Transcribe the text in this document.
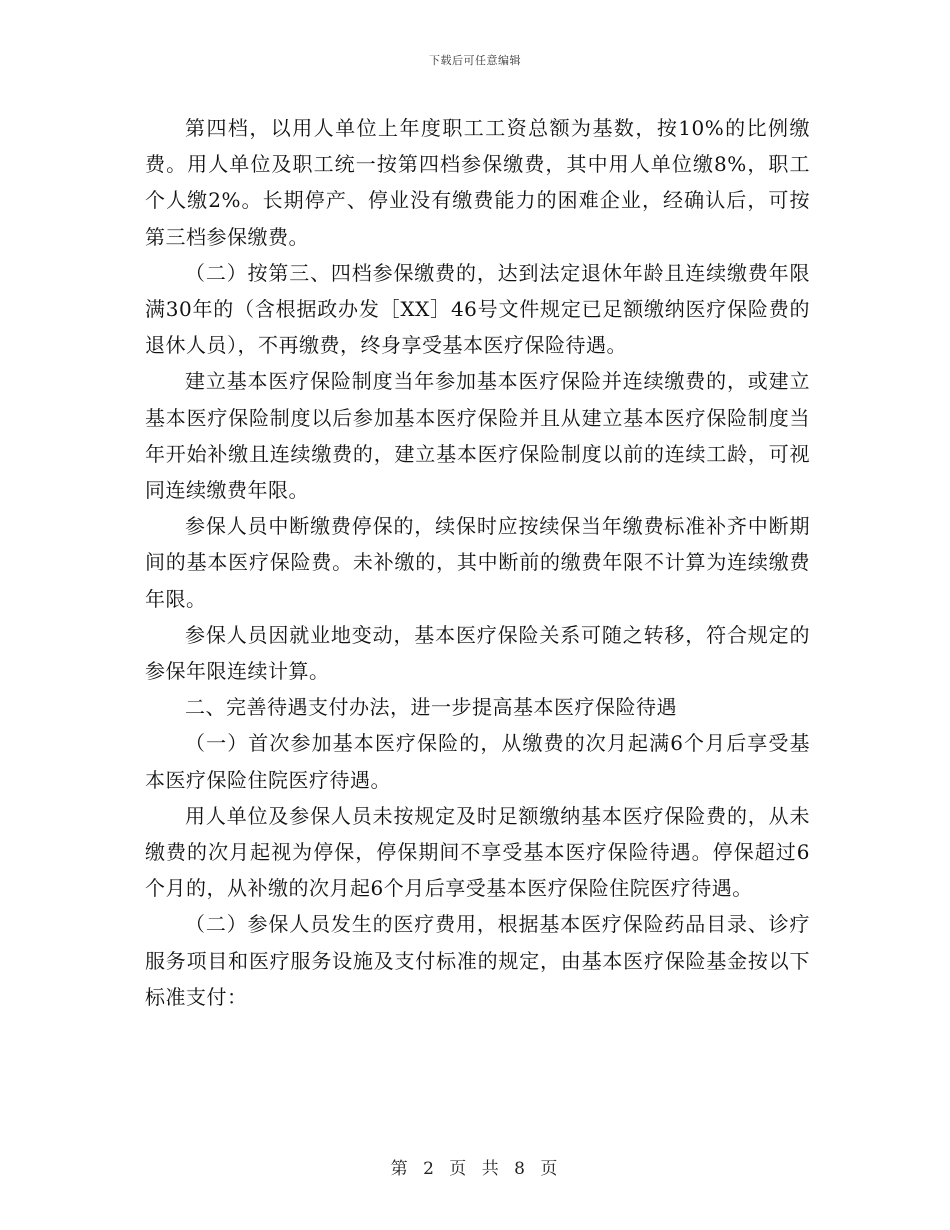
下载后可任意编辑

第四档，以用人单位上年度职工工资总额为基数，按10%的比例缴费。用人单位及职工统一按第四档参保缴费，其中用人单位缴8%，职工个人缴2%。长期停产、停业没有缴费能力的困难企业，经确认后，可按第三档参保缴费。

（二）按第三、四档参保缴费的，达到法定退休年龄且连续缴费年限满30年的（含根据政办发［XX］46号文件规定已足额缴纳医疗保险费的退休人员），不再缴费，终身享受基本医疗保险待遇。

建立基本医疗保险制度当年参加基本医疗保险并连续缴费的，或建立基本医疗保险制度以后参加基本医疗保险并且从建立基本医疗保险制度当年开始补缴且连续缴费的，建立基本医疗保险制度以前的连续工龄，可视同连续缴费年限。

参保人员中断缴费停保的，续保时应按续保当年缴费标准补齐中断期间的基本医疗保险费。未补缴的，其中断前的缴费年限不计算为连续缴费年限。

参保人员因就业地变动，基本医疗保险关系可随之转移，符合规定的参保年限连续计算。

二、完善待遇支付办法，进一步提高基本医疗保险待遇

（一）首次参加基本医疗保险的，从缴费的次月起满6个月后享受基本医疗保险住院医疗待遇。

用人单位及参保人员未按规定及时足额缴纳基本医疗保险费的，从未缴费的次月起视为停保，停保期间不享受基本医疗保险待遇。停保超过6个月的，从补缴的次月起6个月后享受基本医疗保险住院医疗待遇。

（二）参保人员发生的医疗费用，根据基本医疗保险药品目录、诊疗服务项目和医疗服务设施及支付标准的规定，由基本医疗保险基金按以下标准支付：

第 2 页 共 8 页
